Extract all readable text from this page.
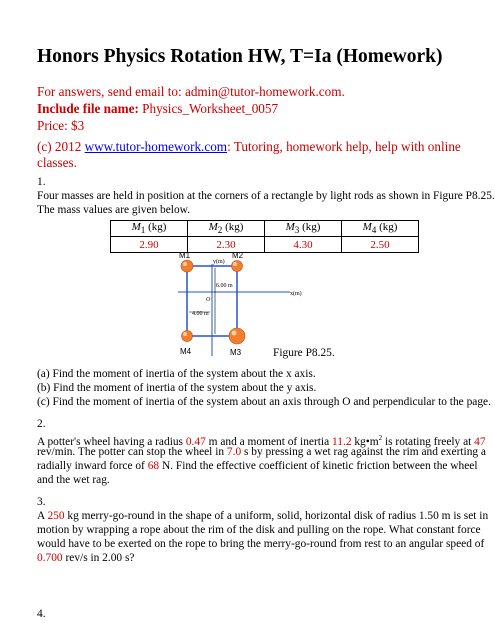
Honors Physics Rotation HW, T=Ia (Homework)
For answers, send email to: admin@tutor-homework.com.
Include file name: Physics_Worksheet_0057
Price: $3
(c) 2012 www.tutor-homework.com: Tutoring, homework help, help with online
classes.
1.
Four masses are held in position at the corners of a rectangle by light rods as shown in Figure P8.25.
The mass values are given below.
$M_1$ (kg)	$M_2$ (kg)	$M_3$ (kg)	$M_4$ (kg)
2.90	2.30	4.30	2.50
6.00 m
4.00 m
y(m)
x(m)
O
M1	M2
M3
M4	Figure P8.25.
(a) Find the moment of inertia of the system about the x axis.
(b) Find the moment of inertia of the system about the y axis.
(c) Find the moment of inertia of the system about an axis through O and perpendicular to the page.
2.
A potter's wheel having a radius 0.47 m and a moment of inertia 11.2 $kg•m^2$ is rotating freely at 47
rev/min. The potter can stop the wheel in 7.0 s by pressing a wet rag against the rim and exerting a
radially inward force of 68 N. Find the effective coefficient of kinetic friction between the wheel
and the wet rag.
3.
A 250 kg merry-go-round in the shape of a uniform, solid, horizontal disk of radius 1.50 m is set in
motion by wrapping a rope about the rim of the disk and pulling on the rope. What constant force
would have to be exerted on the rope to bring the merry-go-round from rest to an angular speed of
0.700 rev/s in 2.00 s?
4.
